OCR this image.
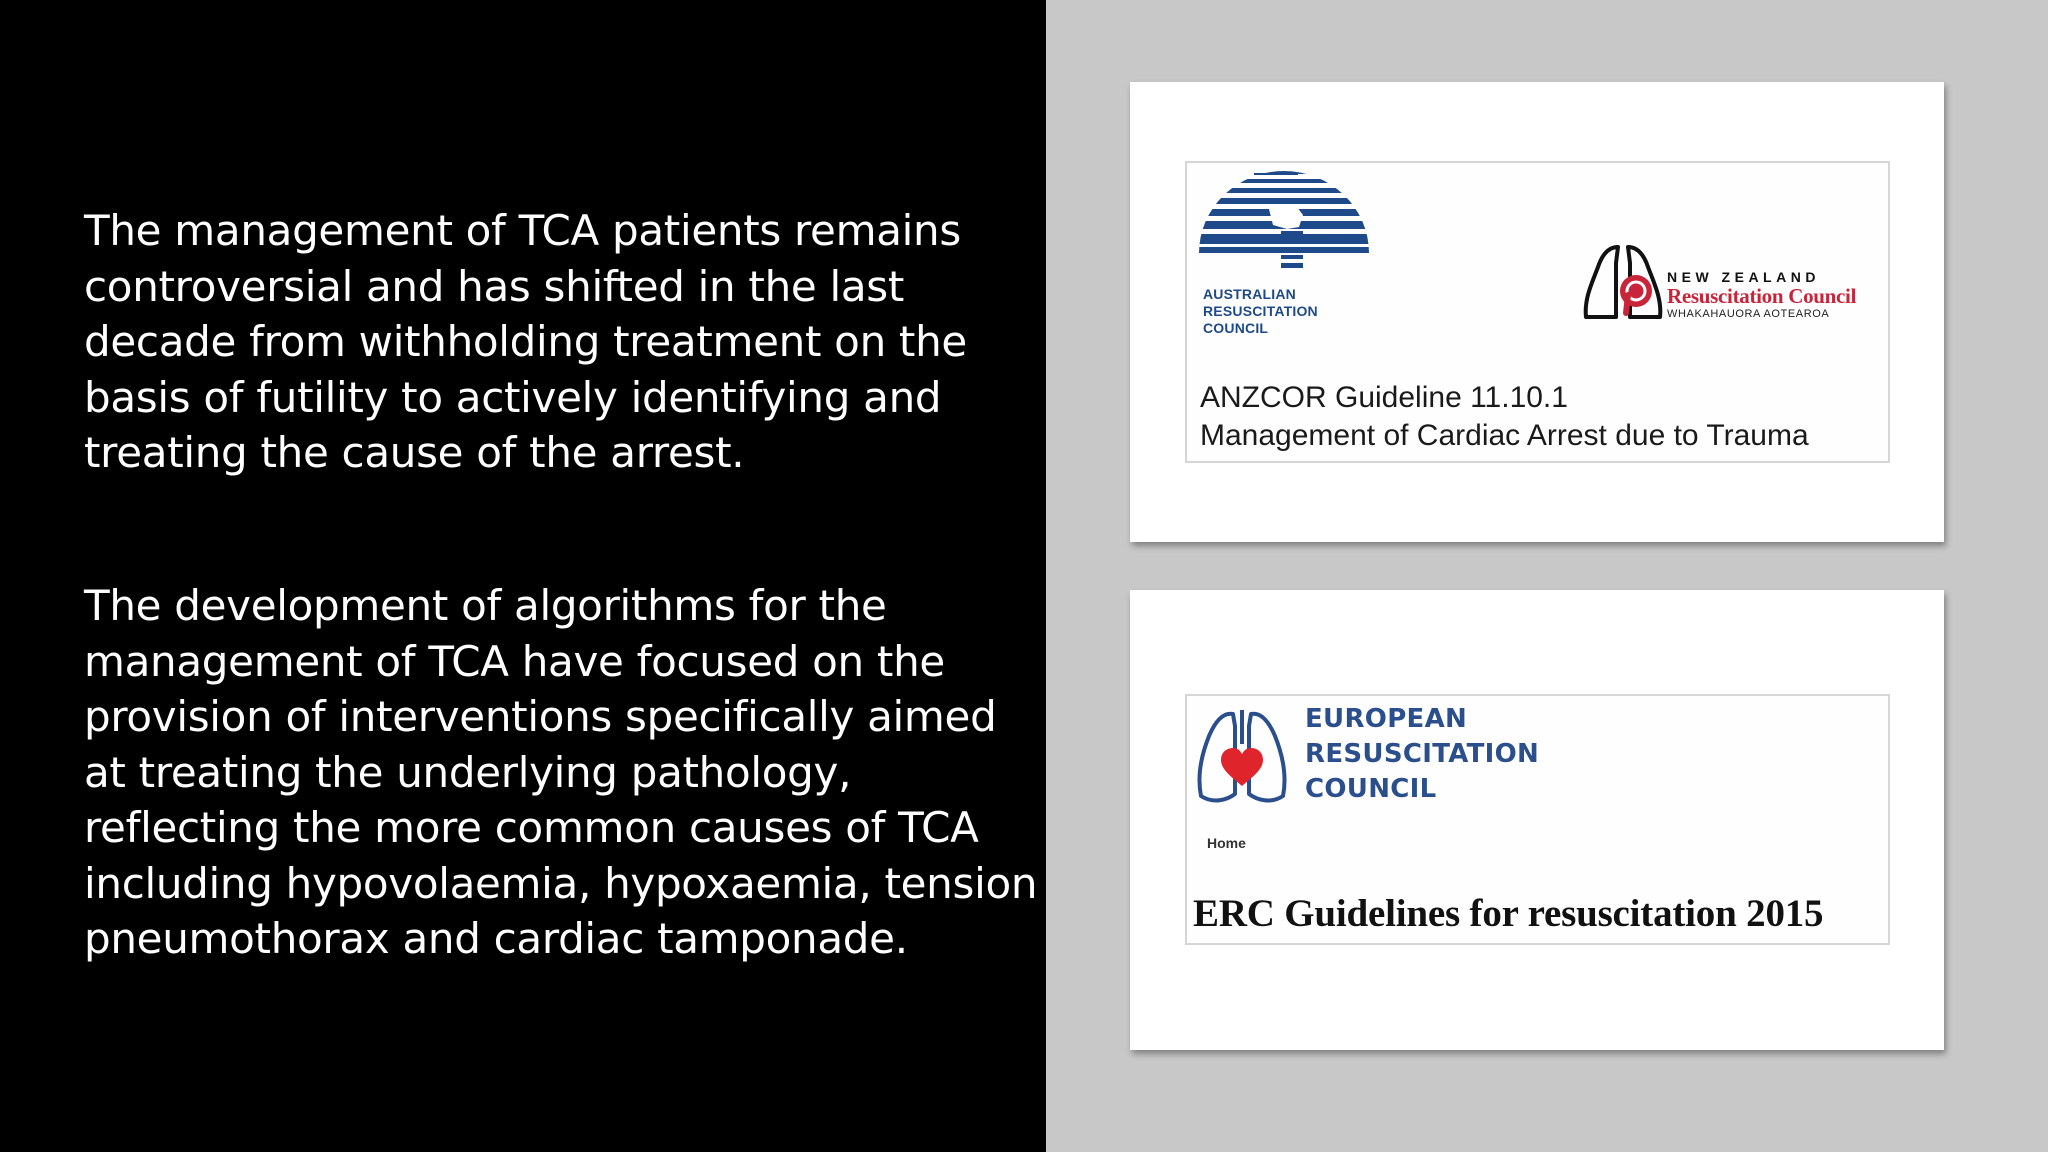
The management of TCA patients remains controversial and has shifted in the last decade from withholding treatment on the basis of futility to actively identifying and treating the cause of the arrest.
The development of algorithms for the management of TCA have focused on the provision of interventions specifically aimed at treating the underlying pathology, reflecting the more common causes of TCA including hypovolaemia, hypoxaemia, tension pneumothorax and cardiac tamponade.
AUSTRALIAN
RESUSCITATION
COUNCIL
NEW ZEALAND
Resuscitation Council
WHAKAHAUORA AOTEAROA
ANZCOR Guideline 11.10.1
Management of Cardiac Arrest due to Trauma
EUROPEAN
RESUSCITATION
COUNCIL
Home
ERC Guidelines for resuscitation 2015
